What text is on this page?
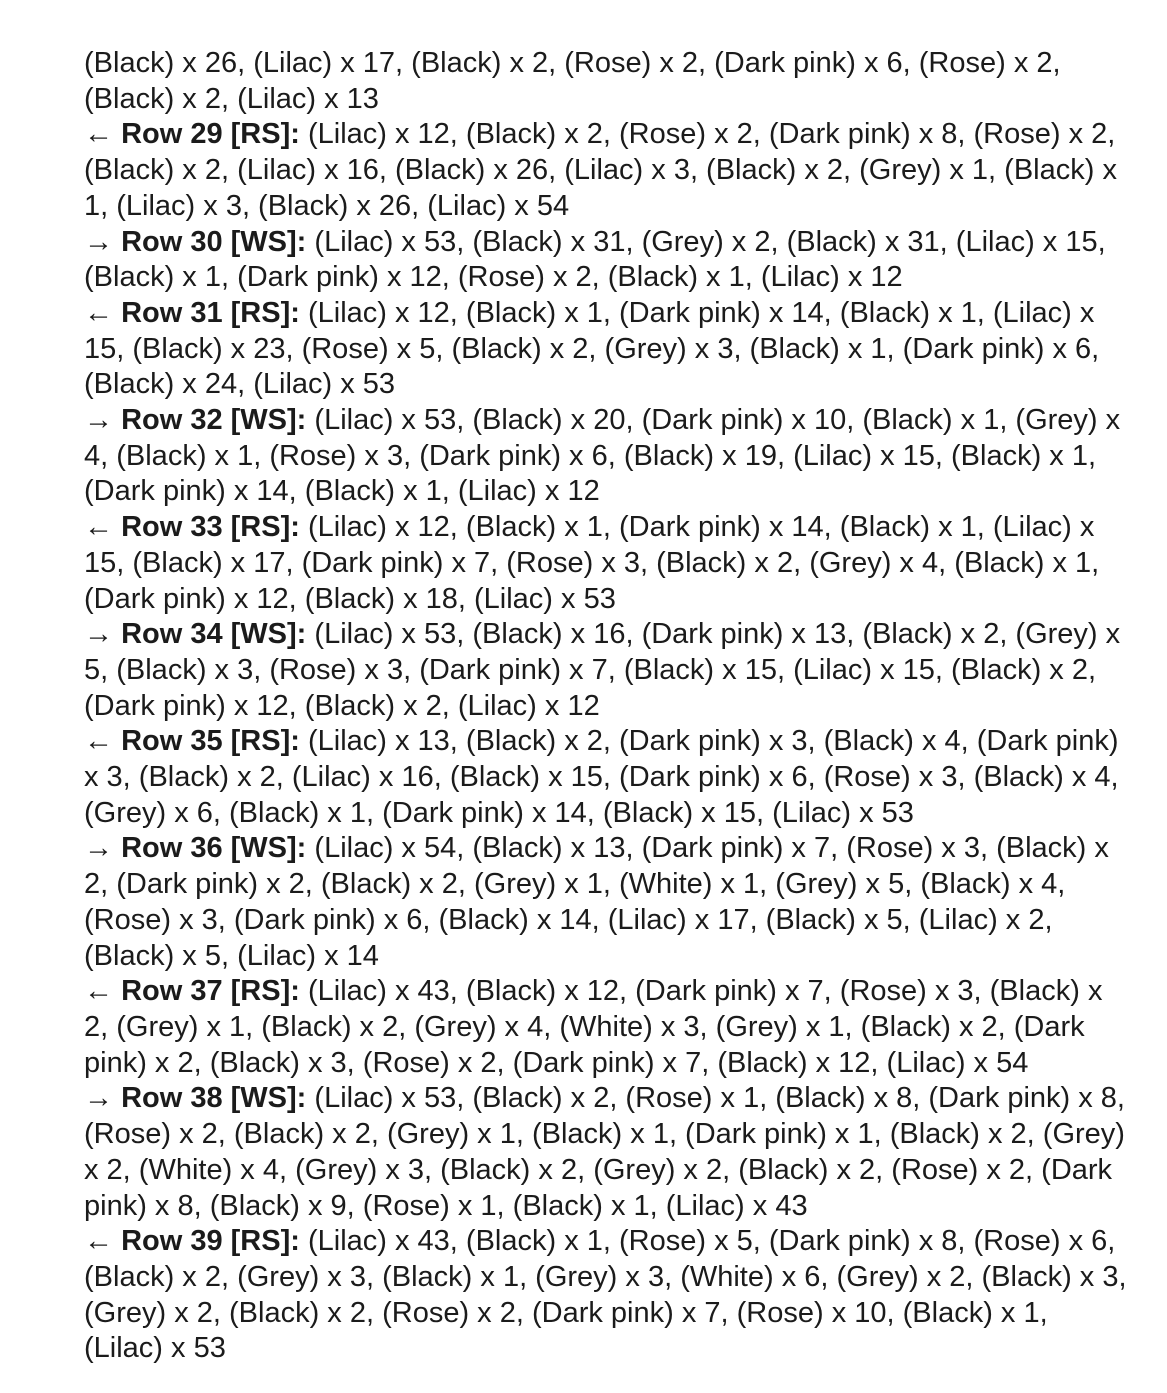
(Black) x 26, (Lilac) x 17, (Black) x 2, (Rose) x 2, (Dark pink) x 6, (Rose) x 2,
(Black) x 2, (Lilac) x 13
← Row 29 [RS]: (Lilac) x 12, (Black) x 2, (Rose) x 2, (Dark pink) x 8, (Rose) x 2,
(Black) x 2, (Lilac) x 16, (Black) x 26, (Lilac) x 3, (Black) x 2, (Grey) x 1, (Black) x
1, (Lilac) x 3, (Black) x 26, (Lilac) x 54
→ Row 30 [WS]: (Lilac) x 53, (Black) x 31, (Grey) x 2, (Black) x 31, (Lilac) x 15,
(Black) x 1, (Dark pink) x 12, (Rose) x 2, (Black) x 1, (Lilac) x 12
← Row 31 [RS]: (Lilac) x 12, (Black) x 1, (Dark pink) x 14, (Black) x 1, (Lilac) x
15, (Black) x 23, (Rose) x 5, (Black) x 2, (Grey) x 3, (Black) x 1, (Dark pink) x 6,
(Black) x 24, (Lilac) x 53
→ Row 32 [WS]: (Lilac) x 53, (Black) x 20, (Dark pink) x 10, (Black) x 1, (Grey) x
4, (Black) x 1, (Rose) x 3, (Dark pink) x 6, (Black) x 19, (Lilac) x 15, (Black) x 1,
(Dark pink) x 14, (Black) x 1, (Lilac) x 12
← Row 33 [RS]: (Lilac) x 12, (Black) x 1, (Dark pink) x 14, (Black) x 1, (Lilac) x
15, (Black) x 17, (Dark pink) x 7, (Rose) x 3, (Black) x 2, (Grey) x 4, (Black) x 1,
(Dark pink) x 12, (Black) x 18, (Lilac) x 53
→ Row 34 [WS]: (Lilac) x 53, (Black) x 16, (Dark pink) x 13, (Black) x 2, (Grey) x
5, (Black) x 3, (Rose) x 3, (Dark pink) x 7, (Black) x 15, (Lilac) x 15, (Black) x 2,
(Dark pink) x 12, (Black) x 2, (Lilac) x 12
← Row 35 [RS]: (Lilac) x 13, (Black) x 2, (Dark pink) x 3, (Black) x 4, (Dark pink)
x 3, (Black) x 2, (Lilac) x 16, (Black) x 15, (Dark pink) x 6, (Rose) x 3, (Black) x 4,
(Grey) x 6, (Black) x 1, (Dark pink) x 14, (Black) x 15, (Lilac) x 53
→ Row 36 [WS]: (Lilac) x 54, (Black) x 13, (Dark pink) x 7, (Rose) x 3, (Black) x
2, (Dark pink) x 2, (Black) x 2, (Grey) x 1, (White) x 1, (Grey) x 5, (Black) x 4,
(Rose) x 3, (Dark pink) x 6, (Black) x 14, (Lilac) x 17, (Black) x 5, (Lilac) x 2,
(Black) x 5, (Lilac) x 14
← Row 37 [RS]: (Lilac) x 43, (Black) x 12, (Dark pink) x 7, (Rose) x 3, (Black) x
2, (Grey) x 1, (Black) x 2, (Grey) x 4, (White) x 3, (Grey) x 1, (Black) x 2, (Dark
pink) x 2, (Black) x 3, (Rose) x 2, (Dark pink) x 7, (Black) x 12, (Lilac) x 54
→ Row 38 [WS]: (Lilac) x 53, (Black) x 2, (Rose) x 1, (Black) x 8, (Dark pink) x 8,
(Rose) x 2, (Black) x 2, (Grey) x 1, (Black) x 1, (Dark pink) x 1, (Black) x 2, (Grey)
x 2, (White) x 4, (Grey) x 3, (Black) x 2, (Grey) x 2, (Black) x 2, (Rose) x 2, (Dark
pink) x 8, (Black) x 9, (Rose) x 1, (Black) x 1, (Lilac) x 43
← Row 39 [RS]: (Lilac) x 43, (Black) x 1, (Rose) x 5, (Dark pink) x 8, (Rose) x 6,
(Black) x 2, (Grey) x 3, (Black) x 1, (Grey) x 3, (White) x 6, (Grey) x 2, (Black) x 3,
(Grey) x 2, (Black) x 2, (Rose) x 2, (Dark pink) x 7, (Rose) x 10, (Black) x 1,
(Lilac) x 53
